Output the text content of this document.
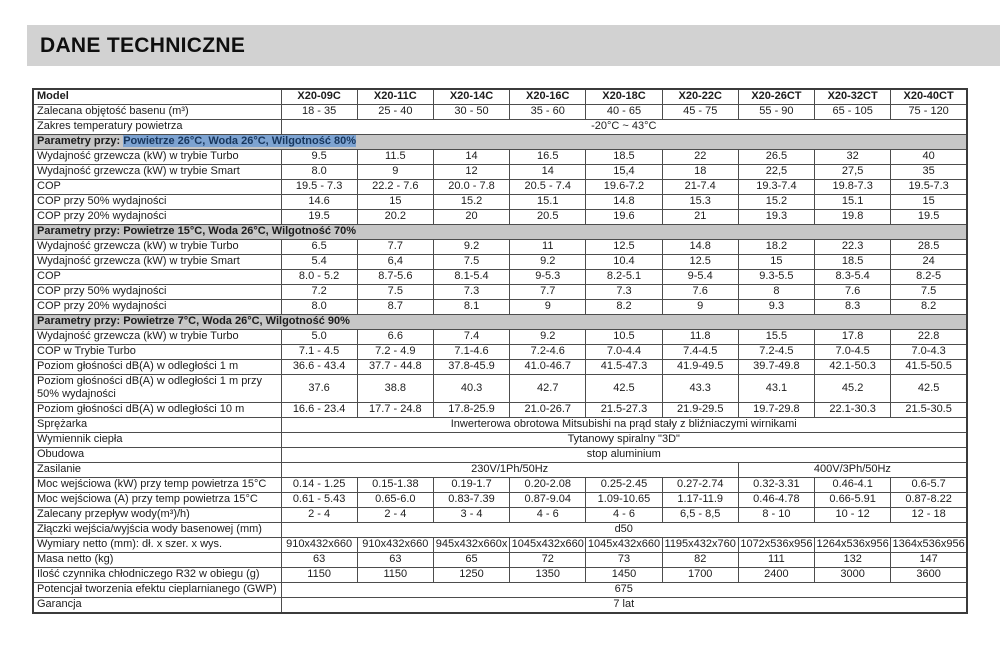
DANE TECHNICZNE
Model	X20-09C	X20-11C	X20-14C	X20-16C	X20-18C	X20-22C	X20-26CT	X20-32CT	X20-40CT
Zalecana objętość basenu (m³)	18 - 35	25 - 40	30 - 50	35 - 60	40 - 65	45 - 75	55 - 90	65 - 105	75 - 120
Zakres temperatury powietrza	-20°C ~ 43°C								
Parametry przy: Powietrze 26°C, Woda 26°C, Wilgotność 80%									
Wydajność grzewcza (kW) w trybie Turbo	9.5	11.5	14	16.5	18.5	22	26.5	32	40
Wydajność grzewcza (kW) w trybie Smart	8.0	9	12	14	15,4	18	22,5	27,5	35
COP	19.5 - 7.3	22.2 - 7.6	20.0 - 7.8	20.5 - 7.4	19.6-7.2	21-7.4	19.3-7.4	19.8-7.3	19.5-7.3
COP przy 50% wydajności	14.6	15	15.2	15.1	14.8	15.3	15.2	15.1	15
COP przy 20% wydajności	19.5	20.2	20	20.5	19.6	21	19.3	19.8	19.5
Parametry przy: Powietrze 15°C, Woda 26°C, Wilgotność 70%									
Wydajność grzewcza (kW) w trybie Turbo	6.5	7.7	9.2	11	12.5	14.8	18.2	22.3	28.5
Wydajność grzewcza (kW) w trybie Smart	5.4	6,4	7.5	9.2	10.4	12.5	15	18.5	24
COP	8.0 - 5.2	8.7-5.6	8.1-5.4	9-5.3	8.2-5.1	9-5.4	9.3-5.5	8.3-5.4	8.2-5
COP przy 50% wydajności	7.2	7.5	7.3	7.7	7.3	7.6	8	7.6	7.5
COP przy 20% wydajności	8.0	8.7	8.1	9	8.2	9	9.3	8.3	8.2
Parametry przy: Powietrze 7°C, Woda 26°C, Wilgotność 90%									
Wydajność grzewcza (kW) w trybie Turbo	5.0	6.6	7.4	9.2	10.5	11.8	15.5	17.8	22.8
COP w Trybie Turbo	7.1 - 4.5	7.2 - 4.9	7.1-4.6	7.2-4.6	7.0-4.4	7.4-4.5	7.2-4.5	7.0-4.5	7.0-4.3
Poziom głośności dB(A) w odległości 1 m	36.6 - 43.4	37.7 - 44.8	37.8-45.9	41.0-46.7	41.5-47.3	41.9-49.5	39.7-49.8	42.1-50.3	41.5-50.5
Poziom głośności dB(A) w odległości 1 m przy 50% wydajności	37.6	38.8	40.3	42.7	42.5	43.3	43.1	45.2	42.5
Poziom głośności dB(A) w odległości 10 m	16.6 - 23.4	17.7 - 24.8	17.8-25.9	21.0-26.7	21.5-27.3	21.9-29.5	19.7-29.8	22.1-30.3	21.5-30.5
Sprężarka	Inwerterowa obrotowa Mitsubishi na prąd stały z bliźniaczymi wirnikami								
Wymiennik ciepła	Tytanowy spiralny "3D"								
Obudowa	stop aluminium								
Zasilanie	230V/1Ph/50Hz						400V/3Ph/50Hz		
Moc wejściowa (kW) przy temp powietrza 15°C	0.14 - 1.25	0.15-1.38	0.19-1.7	0.20-2.08	0.25-2.45	0.27-2.74	0.32-3.31	0.46-4.1	0.6-5.7
Moc wejściowa (A) przy temp powietrza 15°C	0.61 - 5.43	0.65-6.0	0.83-7.39	0.87-9.04	1.09-10.65	1.17-11.9	0.46-4.78	0.66-5.91	0.87-8.22
Zalecany przepływ wody(m³)/h)	2 - 4	2 - 4	3 - 4	4 - 6	4 - 6	6,5 - 8,5	8 - 10	10 - 12	12 - 18
Złączki wejścia/wyjścia wody basenowej (mm)	d50								
Wymiary netto (mm): dł. x szer. x wys.	910x432x660	910x432x660	945x432x660x	1045x432x660	1045x432x660	1195x432x760	1072x536x956	1264x536x956	1364x536x956
Masa netto (kg)	63	63	65	72	73	82	111	132	147
Ilość czynnika chłodniczego R32 w obiegu (g)	1150	1150	1250	1350	1450	1700	2400	3000	3600
Potencjał tworzenia efektu cieplarnianego (GWP)	675								
Garancja	7 lat								
